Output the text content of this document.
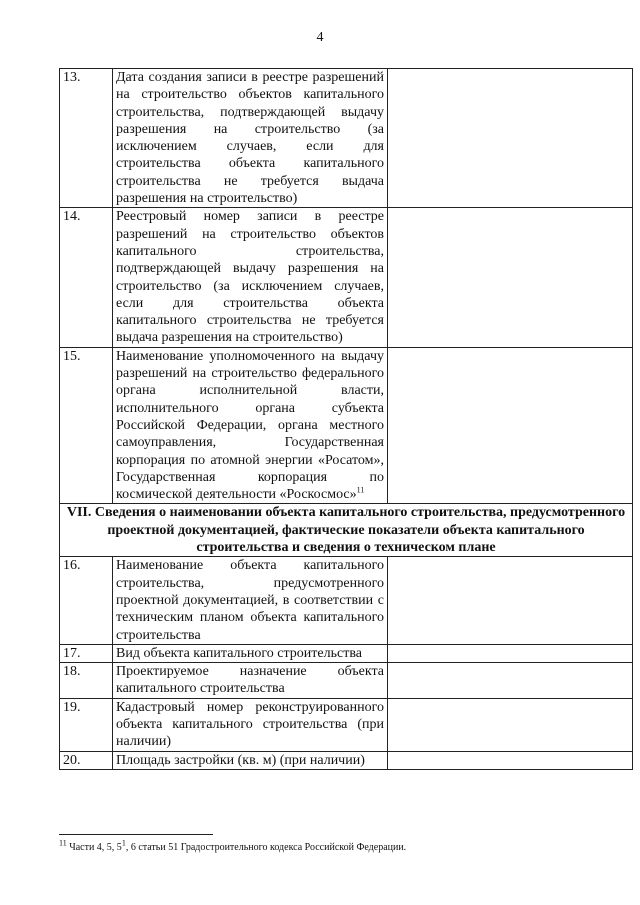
4
13.	Дата создания записи в реестре разрешений на строительство объектов капитального строительства, подтверждающей выдачу разрешения на строительство (за исключением случаев, если для строительства объекта капитального строительства не требуется выдача разрешения на строительство)	
14.	Реестровый номер записи в реестре разрешений на строительство объектов капитального строительства, подтверждающей выдачу разрешения на строительство (за исключением случаев, если для строительства объекта капитального строительства не требуется выдача разрешения на строительство)	
15.	Наименование уполномоченного на выдачу разрешений на строительство федерального органа исполнительной власти, исполнительного органа субъекта Российской Федерации, органа местного самоуправления, Государственная корпорация по атомной энергии «Росатом», Государственная корпорация по космической деятельности «Роскосмос»$^{11}$	
VII. Сведения о наименовании объекта капитального строительства, предусмотренного проектной документацией, фактические показатели объекта капитального строительства и сведения о техническом плане		
16.	Наименование объекта капитального строительства, предусмотренного проектной документацией, в соответствии с техническим планом объекта капитального строительства	
17.	Вид объекта капитального строительства	
18.	Проектируемое назначение объекта капитального строительства	
19.	Кадастровый номер реконструированного объекта капитального строительства (при наличии)	
20.	Площадь застройки (кв. м) (при наличии)	
$^{11}$ Части 4, 5, $5^1$, 6 статьи 51 Градостроительного кодекса Российской Федерации.
